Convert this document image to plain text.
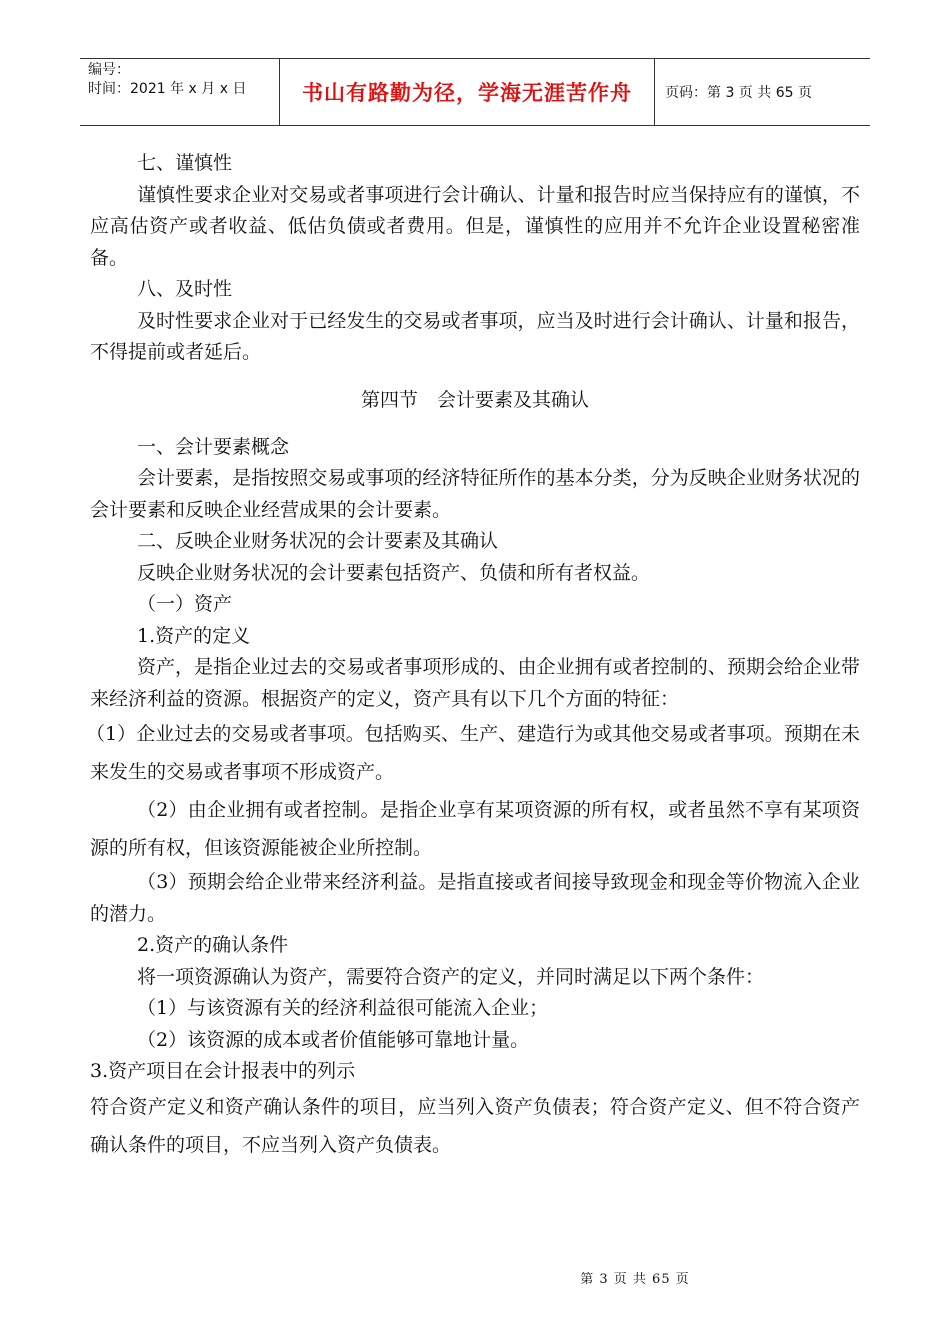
编号：
时间：2021 年 x 月 x 日	书山有路勤为径，学海无涯苦作舟	页码：第 3 页 共 65 页

七、谨慎性

谨慎性要求企业对交易或者事项进行会计确认、计量和报告时应当保持应有的谨慎，不应高估资产或者收益、低估负债或者费用。但是，谨慎性的应用并不允许企业设置秘密准备。

八、及时性

及时性要求企业对于已经发生的交易或者事项，应当及时进行会计确认、计量和报告，不得提前或者延后。

第四节　会计要素及其确认

一、会计要素概念

会计要素，是指按照交易或事项的经济特征所作的基本分类，分为反映企业财务状况的会计要素和反映企业经营成果的会计要素。

二、反映企业财务状况的会计要素及其确认

反映企业财务状况的会计要素包括资产、负债和所有者权益。

（一）资产

1.资产的定义

资产，是指企业过去的交易或者事项形成的、由企业拥有或者控制的、预期会给企业带来经济利益的资源。根据资产的定义，资产具有以下几个方面的特征：

（1）企业过去的交易或者事项。包括购买、生产、建造行为或其他交易或者事项。预期在未来发生的交易或者事项不形成资产。

（2）由企业拥有或者控制。是指企业享有某项资源的所有权，或者虽然不享有某项资源的所有权，但该资源能被企业所控制。

（3）预期会给企业带来经济利益。是指直接或者间接导致现金和现金等价物流入企业的潜力。

2.资产的确认条件

将一项资源确认为资产，需要符合资产的定义，并同时满足以下两个条件：

（1）与该资源有关的经济利益很可能流入企业；

（2）该资源的成本或者价值能够可靠地计量。

3.资产项目在会计报表中的列示

符合资产定义和资产确认条件的项目，应当列入资产负债表；符合资产定义、但不符合资产确认条件的项目，不应当列入资产负债表。

第 3 页 共 65 页
